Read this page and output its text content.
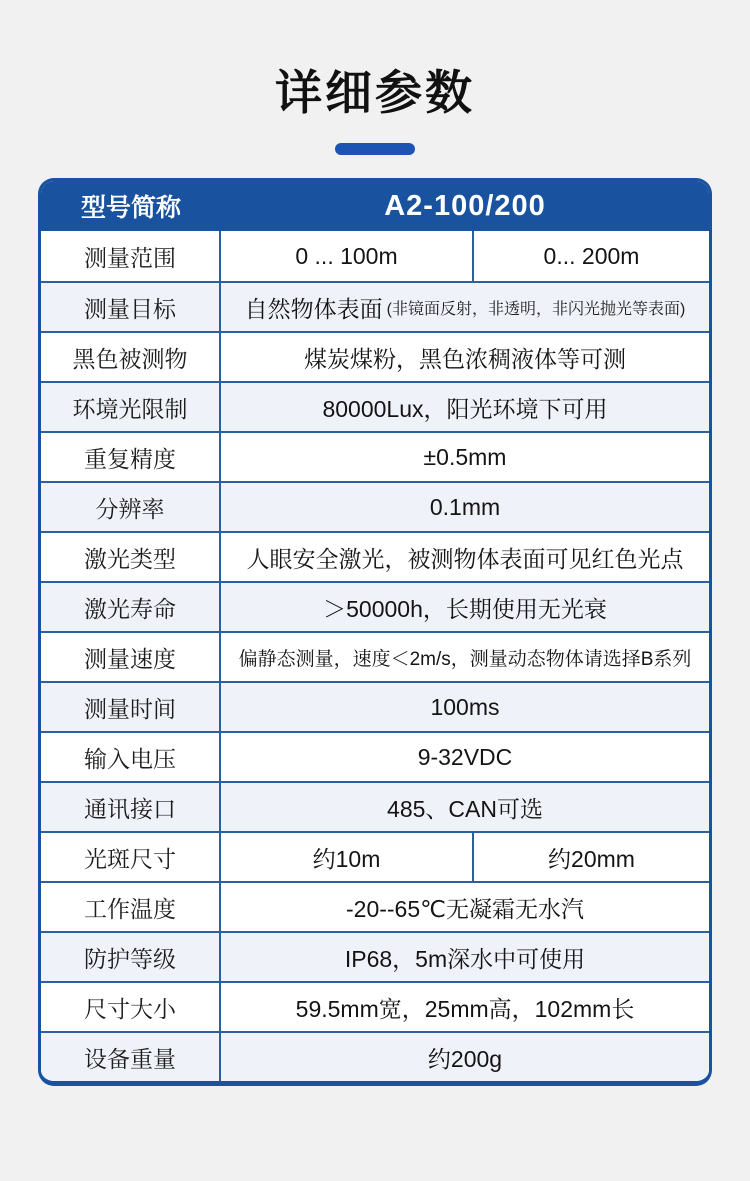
详细参数
型号简称	A2-100/200
测量范围	0 ... 100m	0... 200m
测量目标	自然物体表面 (非镜面反射，非透明，非闪光抛光等表面)
黑色被测物	煤炭煤粉，黑色浓稠液体等可测
环境光限制	80000Lux，阳光环境下可用
重复精度	±0.5mm
分辨率	0.1mm
激光类型	人眼安全激光，被测物体表面可见红色光点
激光寿命	＞50000h，长期使用无光衰
测量速度	偏静态测量，速度＜2m/s，测量动态物体请选择B系列
测量时间	100ms
输入电压	9-32VDC
通讯接口	485、CAN可选
光斑尺寸	约10m	约20mm
工作温度	-20--65℃无凝霜无水汽
防护等级	IP68，5m深水中可使用
尺寸大小	59.5mm宽，25mm高，102mm长
设备重量	约200g
